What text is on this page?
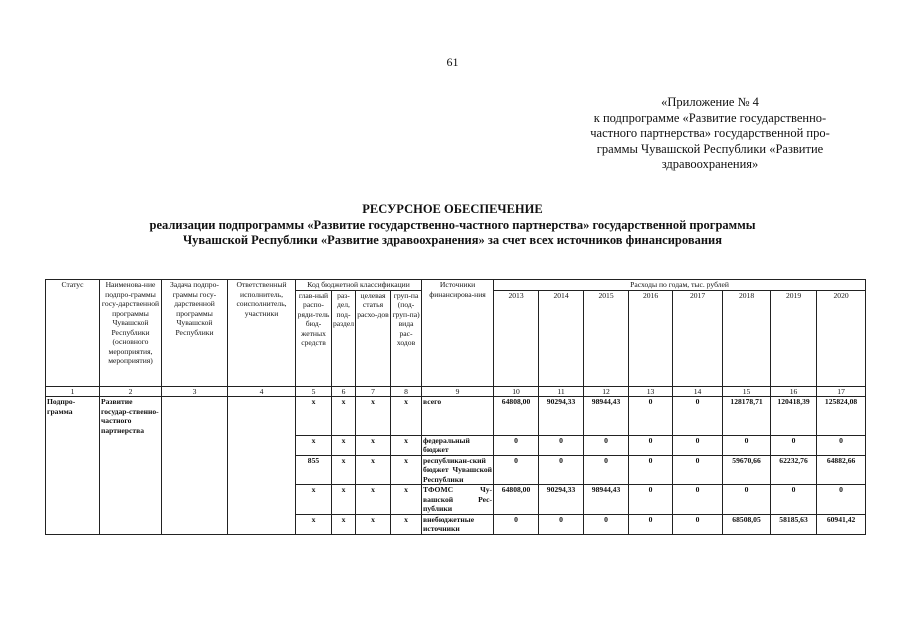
61
«Приложение № 4
к подпрограмме «Развитие государственно-
частного партнерства» государственной про-
граммы Чувашской Республики «Развитие
здравоохранения»
РЕСУРСНОЕ ОБЕСПЕЧЕНИЕ
реализации подпрограммы «Развитие государственно-частного партнерства» государственной программы
Чувашской Республики «Развитие здравоохранения» за счет всех источников финансирования
Статус	Наименова-ние подпро-граммы госу-дарственной программы Чувашской Республики (основного мероприятия, мероприятия)	Задача подпро-граммы госу-дарственной программы Чувашской Республики	Ответственный исполнитель, соисполнитель, участники	Код бюджетной классификации				Источники финансирова-ния	Расходы по годам, тыс. рублей							
				глав-ный распо-ряди-тель бюд-жетных средств	раз-дел, под-раздел	целевая статья расхо-дов	груп-па (под-груп-па) вида рас-ходов		2013	2014	2015	2016	2017	2018	2019	2020
1	2	3	4	5	6	7	8	9	10	11	12	13	14	15	16	17
Подпро-грамма	Развитие государ-ственно-частного партнерства			x	x	x	x	всего	64808,00	90294,33	98944,43	0	0	128178,71	120418,39	125824,08
				x	x	x	x	федеральный бюджет	0	0	0	0	0	0	0	0
				855	x	x	x	республикан-ский бюджет Чувашской Республики	0	0	0	0	0	59670,66	62232,76	64882,66
				x	x	x	x	ТФОМС Чу-вашской Рес-публики	64808,00	90294,33	98944,43	0	0	0	0	0
				x	x	x	x	внебюджетные источники	0	0	0	0	0	68508,05	58185,63	60941,42
